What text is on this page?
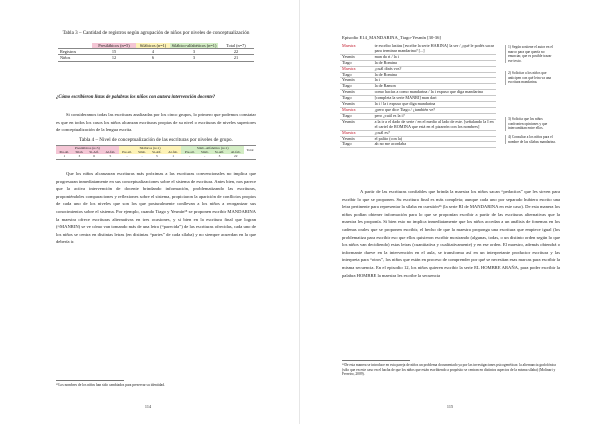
Tabla 3 – Cantidad de registros según agrupación de niños por niveles de conceptualización
	Presilábicos (n=5)	Silábicos (n=1)	Silábico-alfabéticos (n=1)	Total (n=7)
Registros	15	4	3	22
Niños	12	6	3	21
¿Cómo escribieron listas de palabras los niños con autora intervención docente?
Si consideramos todas las escrituras analizadas por los cinco grupos, lo primero que podemos constatar es que en todos los casos los niños alcanzan escrituras propias de su nivel o escrituras de niveles superiores de conceptualización de la lengua escrita.
Tabla 4 – Nivel de conceptualización de las escrituras por niveles de grupo.
Presilábicos (n=5)				Silábicos (n=1)				Silab.-Alfabético (n=1)				Total
Pre-sil.	Silab.	Si-Alf.	Al-fab.	Pre-sil.	Silab.	Si-Alf.	Al-fab.	Pre-sil.	Silab.	Si-Alf.	Al-fab.	
1	3	6	5	-	-	3	1	-	-	3	22	
Que los niños alcanzaran escrituras más próximas a las escrituras convencionales no implica que progresaran inmediatamente en sus conceptualizaciones sobre el sistema de escritura. Antes bien, nos parece que la activa intervención de docente brindando información, problematizando las escrituras, proponiéndoles comparaciones y reflexiones sobre el sistema, propiciaron la aparición de conflictos propios de cada uno de los niveles que son los que posturalmente conllevan a los niños a reorganizar sus conocimientos sobre el sistema. Por ejemplo, cuando Tiago y Yesmín¹⁵ se proponen escribir MANDARINA la maestra ofrece escrituras alternativas en tres ocasiones, y si bien en la escritura final que logran (≈MANRIN) se ve cómo van tomando más de una letra (“parecida”) de las escrituras ofrecidas, cada uno de los niños se centra en distintas letras (en distintas “partes” de cada sílaba) y no siempre acuerdan en la que debería ir.
¹⁵Los nombres de los niños han sido cambiados para preservar su identidad.
114
Episodio E14_MANDARINA_Tiago-Yesmín [30-36]
Maestra	te escribo lasitas [escribe la serie HARINA] la ser / ¿qué le podés sacar para terminar mandarina? [...]
Yesmín	man da ri / la i
Tiago	la de Romina
Maestra	¿cuál dirás vos?
Tiago	la de Romina
Yesmín	la i
Tiago	la de Ramon
Yesmín	como hacías a como mandarina / la i expuso que diga mandarina
Tiago	[completa la serie MANRI] man dari
Yesmín	la i / la i expuso que diga mandarina
Maestra	¿pero que dice Tiago / ¿también ve?
Tiago	pero ¿cuál es la i?
Yesmín	a la ir a el dado de serie / en el medio al lado de este. [señalando la I en el cartel de ROMINA que está en el pizarrón con los nombres]
Maestra	¿cuál es?
Yesmín	el palito (con la)
Tiago	ah no me acordaba
1) Según sostiene el autor en el marco para que quería no enunciar, que es posible trazar ese texto.
2) Solicitar a los niños que anticipen con qué letra va una escritura mandarina.
3) Solicita que los niños confronten opiniones y que intercambian entre ellos.
4) Consultar a los niños para el nombre de las sílabas mandarina.
A partir de las escrituras confiables que brinda la maestra los niños sacan “pedacitos” que les sirven para escribir lo que se proponen. Su escritura final es más completa; aunque cada uno por separado hubiera escrito una letra pertinente para representar la sílaba en cuestión¹⁶ (la serie RI de MANDARINA en este caso). De esta manera los niños podían obtener información para lo que se proponían escribir a partir de las escrituras alternativas que la maestra les proponía. Si bien esto no implica inmediatamente que los niños accedan a un análisis de fonemas en los cadenas orales que se proponen escribir, el hecho de que la maestra proponga una escritura que empiece igual (los problematiza para escribir eso que ellos quisieron escribir mostrando (algunas, todas, o un distinto orden según lo que los niños van decidiendo) estas letras (cuantitativa y cualitativamente) y en ese orden. El maestro, además obtendrá o informante dueve en la intervención en el aula, se transforma así en un interpretante productor escritura y las interpreta para “otros”, los niños que están en proceso de comprender por qué se necesitan esas marcas para escribir la misma secuencia. En el episodio 12, los niños quieren escribir la serie EL HOMBRE ARAÑA, para poder escribir la palabra HOMBRE la maestra les escribe la secuencia
¹⁶De esta manera se introduce en esta pareja de niños un problema documentado ya por las investigaciones psicogenéticas: la alternancia grafofónica (sólo que en este caso en el hacha de que los niños que están escribiendo a propósito se centran en distintos aspectos de la misma sílaba) (Molinari y Ferreiro, 2009).
115
